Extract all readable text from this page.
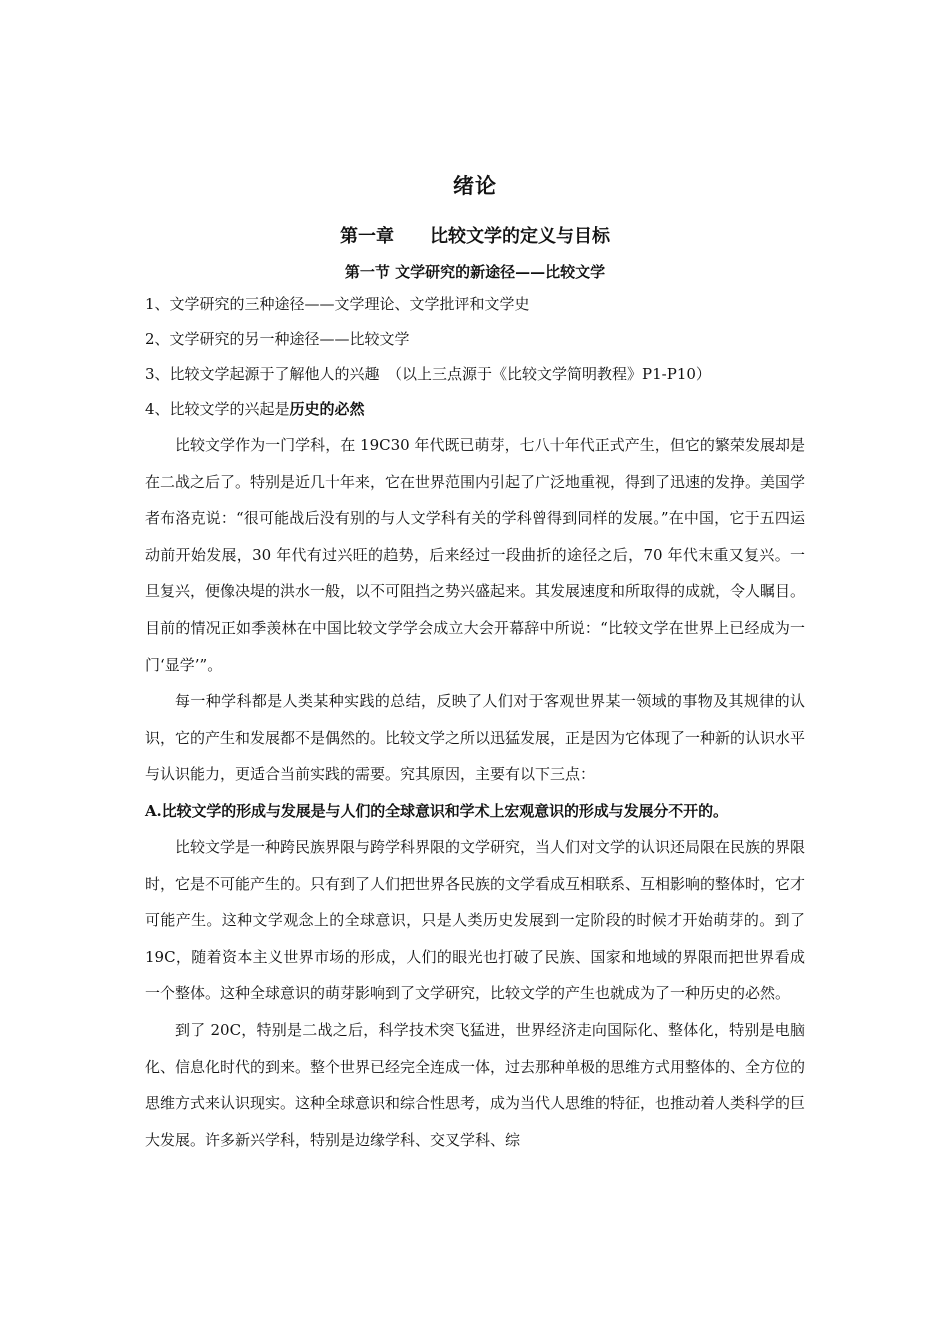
绪论
第一章　　比较文学的定义与目标
第一节 文学研究的新途径——比较文学

1、文学研究的三种途径——文学理论、文学批评和文学史

2、文学研究的另一种途径——比较文学

3、比较文学起源于了解他人的兴趣　（以上三点源于《比较文学简明教程》P1-P10）

4、比较文学的兴起是历史的必然

比较文学作为一门学科，在 19C30 年代既已萌芽，七八十年代正式产生，但它的繁荣发展却是在二战之后了。特别是近几十年来，它在世界范围内引起了广泛地重视，得到了迅速的发挣。美国学者布洛克说：“很可能战后没有别的与人文学科有关的学科曾得到同样的发展。”在中国，它于五四运动前开始发展，30 年代有过兴旺的趋势，后来经过一段曲折的途径之后，70 年代末重又复兴。一旦复兴，便像决堤的洪水一般，以不可阻挡之势兴盛起来。其发展速度和所取得的成就，令人瞩目。目前的情况正如季羡林在中国比较文学学会成立大会开幕辞中所说：“比较文学在世界上已经成为一门‘显学’”。

每一种学科都是人类某种实践的总结，反映了人们对于客观世界某一领域的事物及其规律的认识，它的产生和发展都不是偶然的。比较文学之所以迅猛发展，正是因为它体现了一种新的认识水平与认识能力，更适合当前实践的需要。究其原因，主要有以下三点：

A.比较文学的形成与发展是与人们的全球意识和学术上宏观意识的形成与发展分不开的。

比较文学是一种跨民族界限与跨学科界限的文学研究，当人们对文学的认识还局限在民族的界限时，它是不可能产生的。只有到了人们把世界各民族的文学看成互相联系、互相影响的整体时，它才可能产生。这种文学观念上的全球意识，只是人类历史发展到一定阶段的时候才开始萌芽的。到了 19C，随着资本主义世界市场的形成，人们的眼光也打破了民族、国家和地域的界限而把世界看成一个整体。这种全球意识的萌芽影响到了文学研究，比较文学的产生也就成为了一种历史的必然。

到了 20C，特别是二战之后，科学技术突飞猛进，世界经济走向国际化、整体化，特别是电脑化、信息化时代的到来。整个世界已经完全连成一体，过去那种单极的思维方式用整体的、全方位的思维方式来认识现实。这种全球意识和综合性思考，成为当代人思维的特征，也推动着人类科学的巨大发展。许多新兴学科，特别是边缘学科、交叉学科、综
